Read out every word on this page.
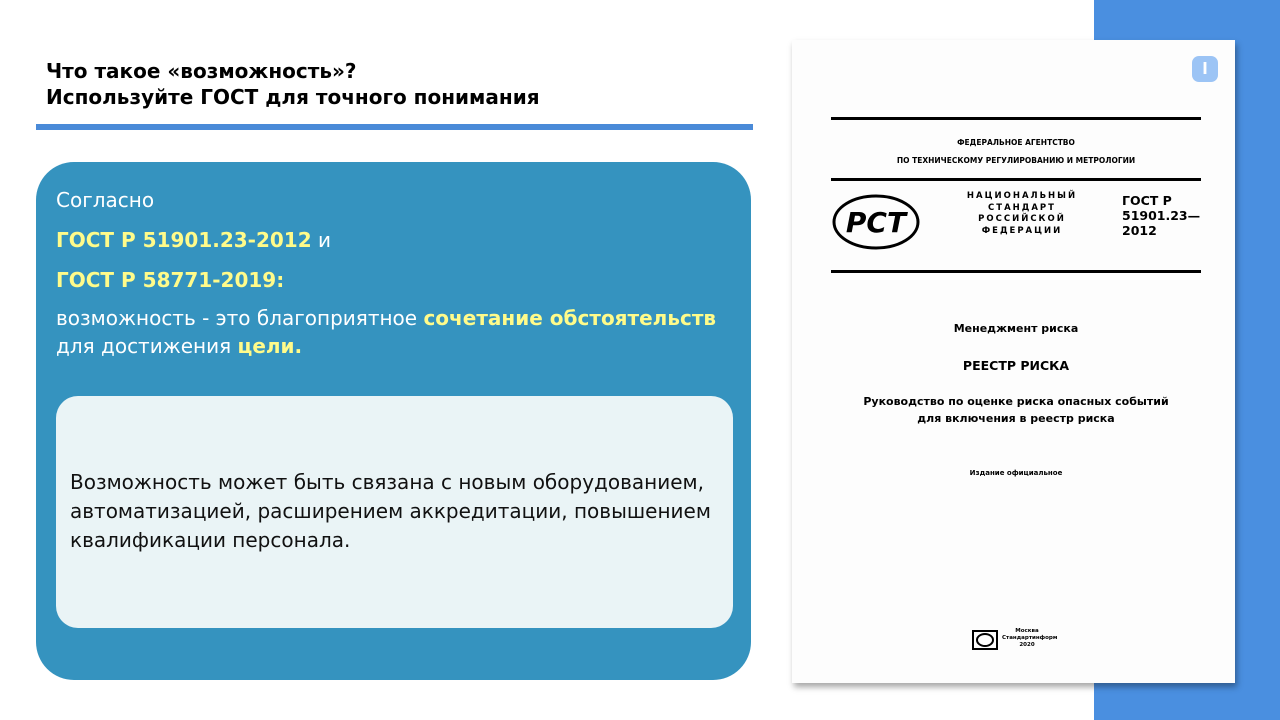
Что такое «возможность»?
Используйте ГОСТ для точного понимания
Согласно
ГОСТ Р 51901.23-2012 и
ГОСТ Р 58771-2019:
возможность - это благоприятное сочетание обстоятельств для достижения цели.
Возможность может быть связана с новым оборудованием, автоматизацией, расширением аккредитации, повышением квалификации персонала.
l
ФЕДЕРАЛЬНОЕ АГЕНТСТВО
ПО ТЕХНИЧЕСКОМУ РЕГУЛИРОВАНИЮ И МЕТРОЛОГИИ
PCT
НАЦИОНАЛЬНЫЙ
СТАНДАРТ
РОССИЙСКОЙ
ФЕДЕРАЦИИ
ГОСТ Р
51901.23—
2012
Менеджмент риска
РЕЕСТР РИСКА
Руководство по оценке риска опасных событий
для включения в реестр риска
Издание официальное
Москва
Стандартинформ
2020
